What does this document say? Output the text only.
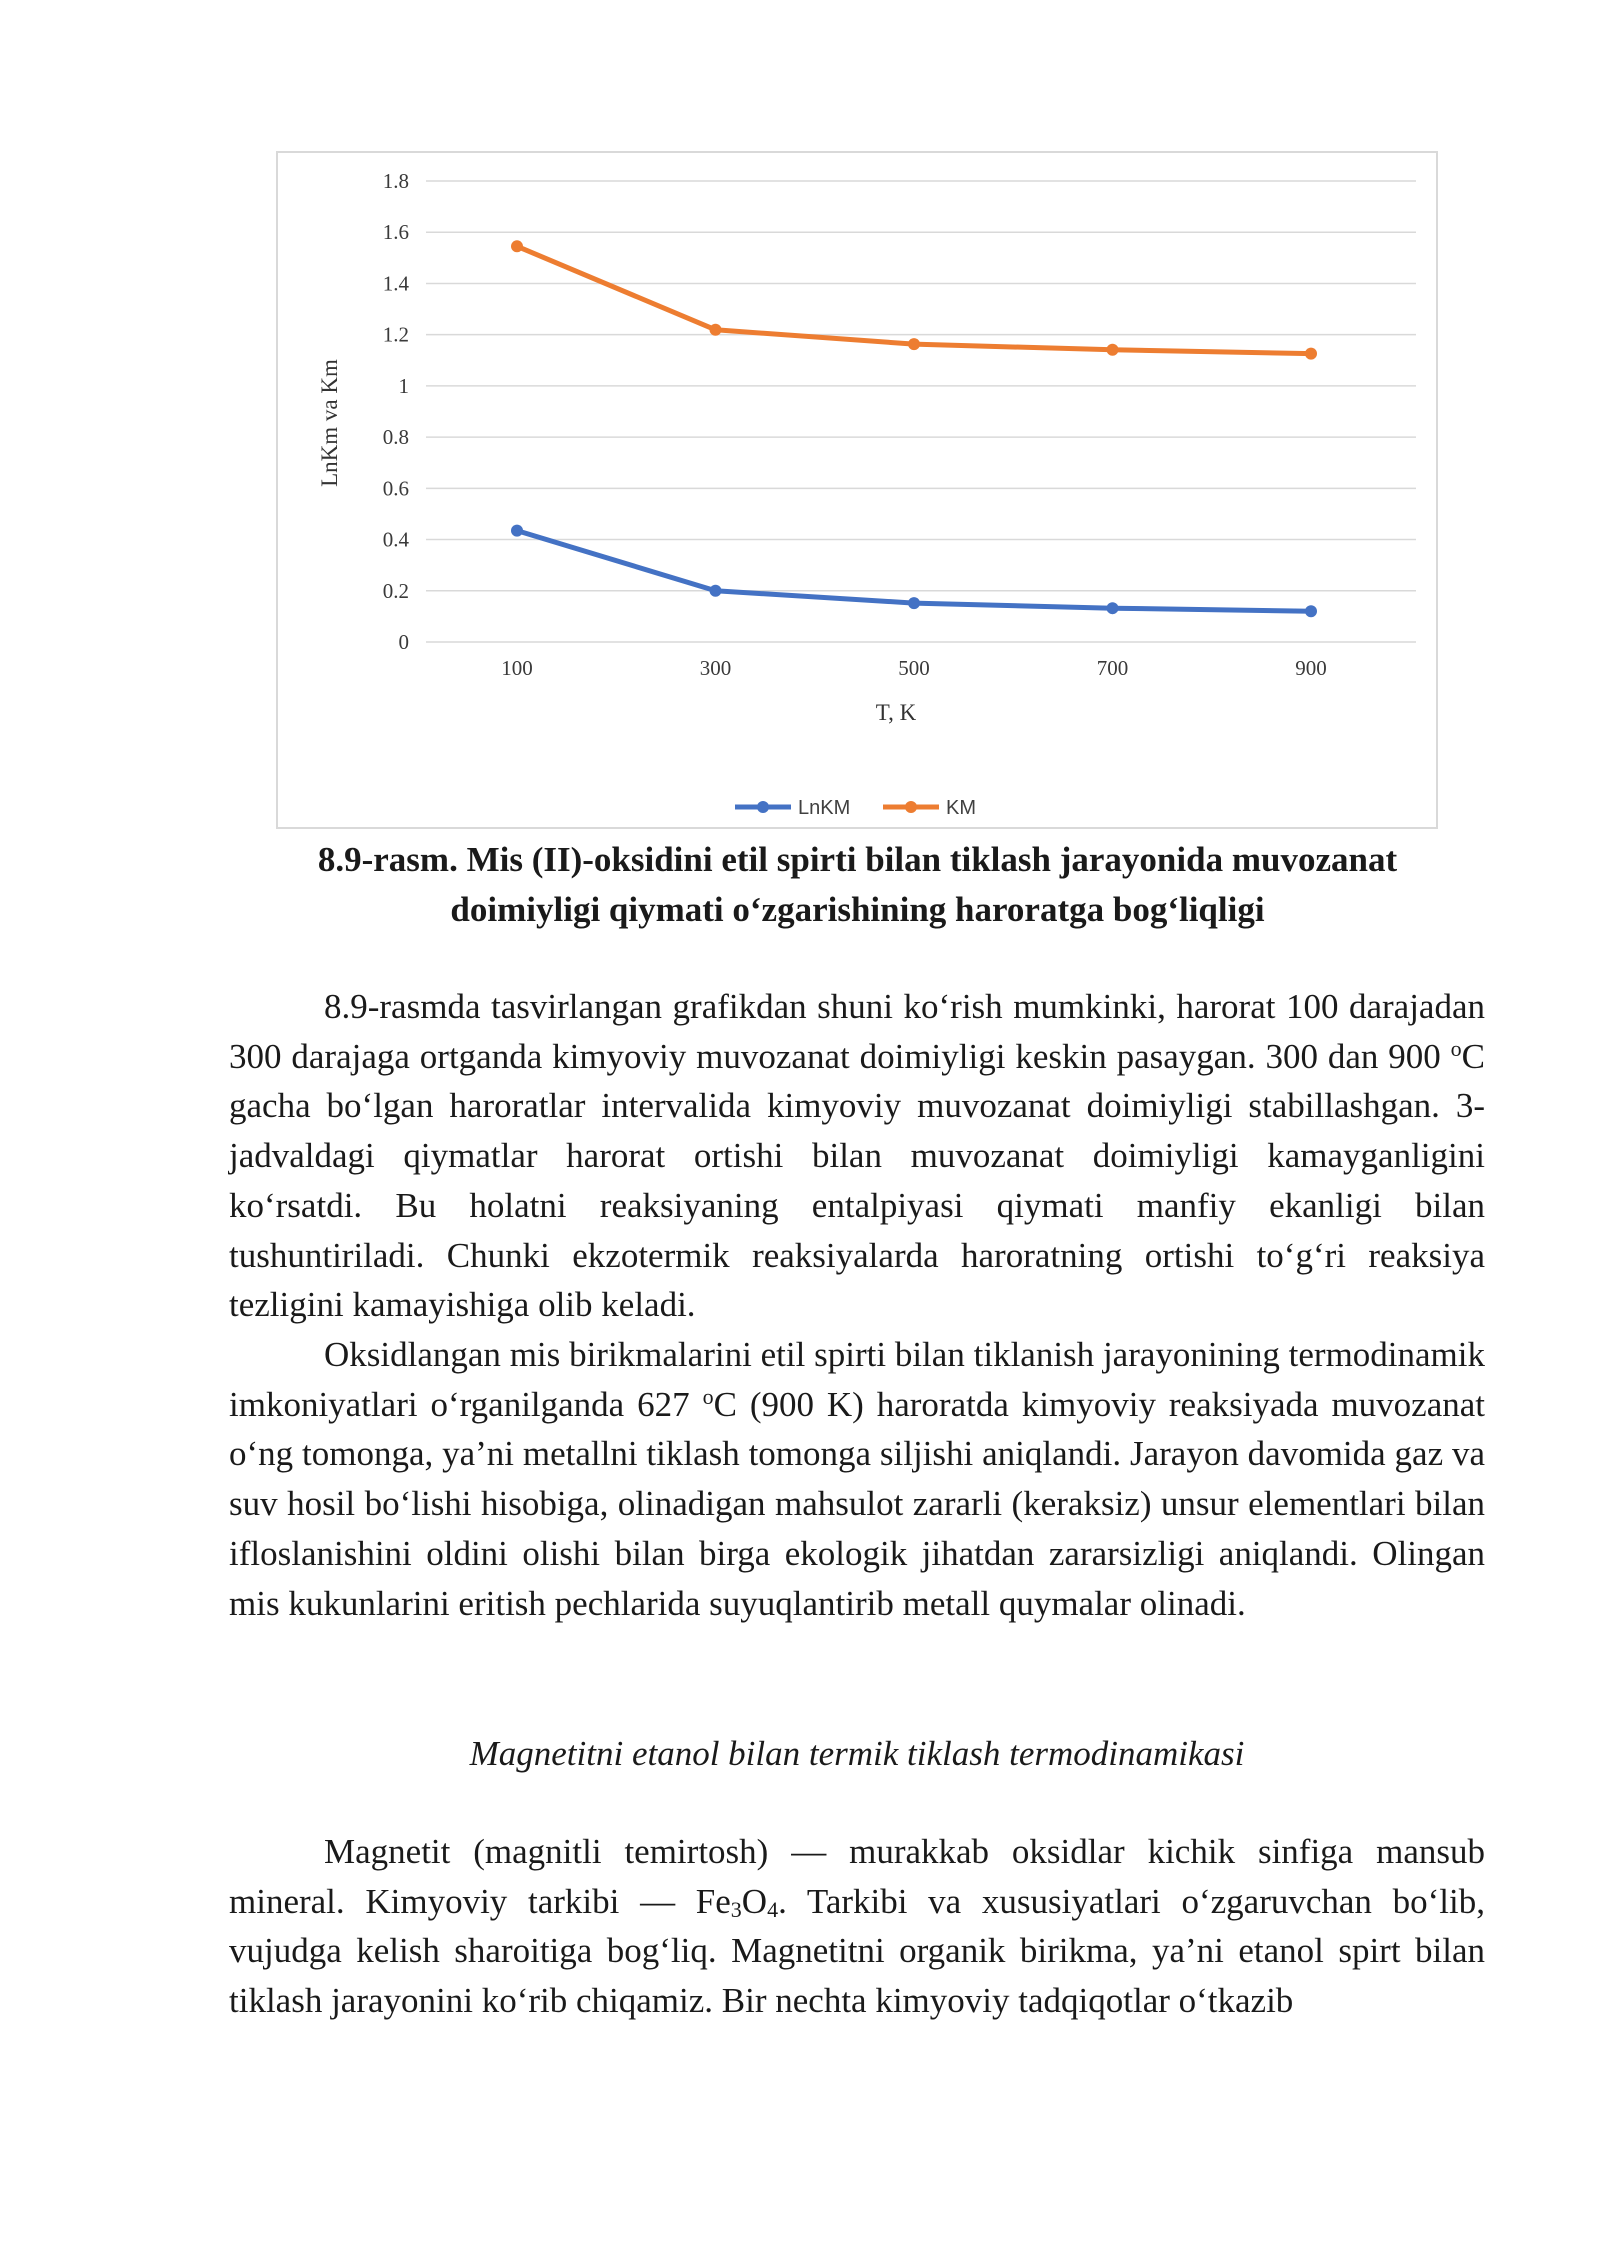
0
0.2
0.4
0.6
0.8
1
1.2
1.4
1.6
1.8
100	300	500	700	900
LnKm va Km
T, K
LnKM	KM
8.9-rasm. Mis (II)-oksidini etil spirti bilan tiklash jarayonida muvozanat
doimiyligi qiymati o‘zgarishining haroratga bog‘liqligi

8.9-rasmda tasvirlangan grafikdan shuni ko‘rish mumkinki, harorat 100 darajadan 300 darajaga ortganda kimyoviy muvozanat doimiyligi keskin pasaygan. 300 dan 900 $^o$C gacha bo‘lgan haroratlar intervalida kimyoviy muvozanat doimiyligi stabillashgan. 3-jadvaldagi qiymatlar harorat ortishi bilan muvozanat doimiyligi kamayganligini ko‘rsatdi. Bu holatni reaksiyaning entalpiyasi qiymati manfiy ekanligi bilan tushuntiriladi. Chunki ekzotermik reaksiyalarda haroratning ortishi to‘g‘ri reaksiya tezligini kamayishiga olib keladi.

Oksidlangan mis birikmalarini etil spirti bilan tiklanish jarayonining termodinamik imkoniyatlari o‘rganilganda 627 $^o$C (900 K) haroratda kimyoviy reaksiyada muvozanat o‘ng tomonga, ya’ni metallni tiklash tomonga siljishi aniqlandi. Jarayon davomida gaz va suv hosil bo‘lishi hisobiga, olinadigan mahsulot zararli (keraksiz) unsur elementlari bilan ifloslanishini oldini olishi bilan birga ekologik jihatdan zararsizligi aniqlandi. Olingan mis kukunlarini eritish pechlarida suyuqlantirib metall quymalar olinadi.

Magnetitni etanol bilan termik tiklash termodinamikasi

Magnetit (magnitli temirtosh) — murakkab oksidlar kichik sinfiga mansub mineral. Kimyoviy tarkibi — $Fe_3O_4$. Tarkibi va xususiyatlari o‘zgaruvchan bo‘lib, vujudga kelish sharoitiga bog‘liq. Magnetitni organik birikma, ya’ni etanol spirt bilan tiklash jarayonini ko‘rib chiqamiz. Bir nechta kimyoviy tadqiqotlar o‘tkazib
